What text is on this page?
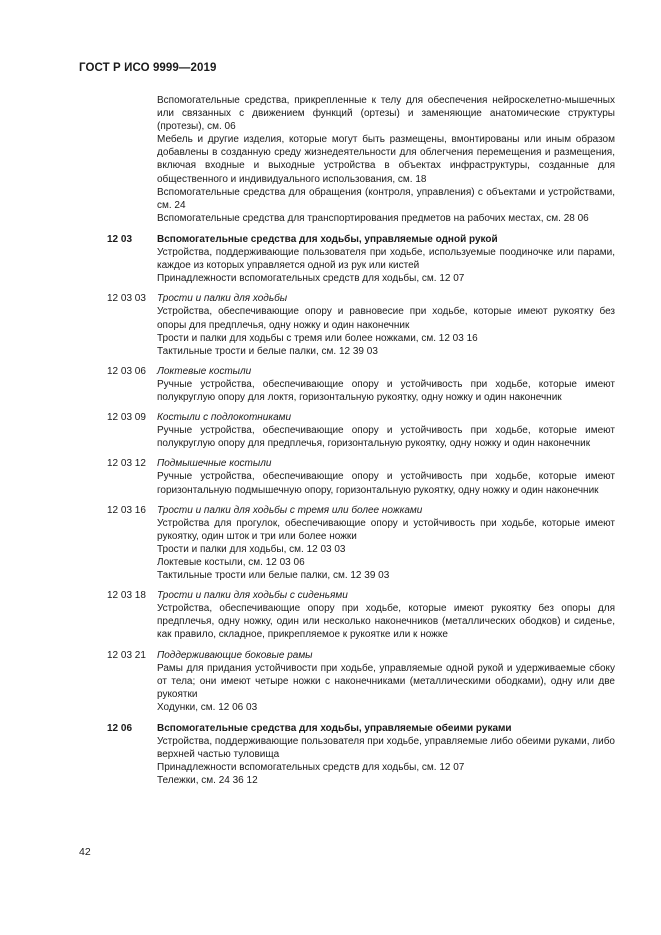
ГОСТ Р ИСО 9999—2019
Вспомогательные средства, прикрепленные к телу для обеспечения нейроскелетно-мышечных или связанных с движением функций (ортезы) и заменяющие анатомические структуры (протезы), см. 06
Мебель и другие изделия, которые могут быть размещены, вмонтированы или иным образом добавлены в созданную среду жизнедеятельности для облегчения перемещения и размещения, включая входные и выходные устройства в объектах инфраструктуры, созданные для общественного и индивидуального использования, см. 18
Вспомогательные средства для обращения (контроля, управления) с объектами и устройствами, см. 24
Вспомогательные средства для транспортирования предметов на рабочих местах, см. 28 06
12 03	Вспомогательные средства для ходьбы, управляемые одной рукой
Устройства, поддерживающие пользователя при ходьбе, используемые поодиночке или парами, каждое из которых управляется одной из рук или кистей
Принадлежности вспомогательных средств для ходьбы, см. 12 07
12 03 03	Трости и палки для ходьбы
Устройства, обеспечивающие опору и равновесие при ходьбе, которые имеют рукоятку без опоры для предплечья, одну ножку и один наконечник
Трости и палки для ходьбы с тремя или более ножками, см. 12 03 16
Тактильные трости и белые палки, см. 12 39 03
12 03 06	Локтевые костыли
Ручные устройства, обеспечивающие опору и устойчивость при ходьбе, которые имеют полукруглую опору для локтя, горизонтальную рукоятку, одну ножку и один наконечник
12 03 09	Костыли с подлокотниками
Ручные устройства, обеспечивающие опору и устойчивость при ходьбе, которые имеют полукруглую опору для предплечья, горизонтальную рукоятку, одну ножку и один наконечник
12 03 12	Подмышечные костыли
Ручные устройства, обеспечивающие опору и устойчивость при ходьбе, которые имеют горизонтальную подмышечную опору, горизонтальную рукоятку, одну ножку и один наконечник
12 03 16	Трости и палки для ходьбы с тремя или более ножками
Устройства для прогулок, обеспечивающие опору и устойчивость при ходьбе, которые имеют рукоятку, один шток и три или более ножки
Трости и палки для ходьбы, см. 12 03 03
Локтевые костыли, см. 12 03 06
Тактильные трости или белые палки, см. 12 39 03
12 03 18	Трости и палки для ходьбы с сиденьями
Устройства, обеспечивающие опору при ходьбе, которые имеют рукоятку без опоры для предплечья, одну ножку, один или несколько наконечников (металлических ободков) и сиденье, как правило, складное, прикрепляемое к рукоятке или к ножке
12 03 21	Поддерживающие боковые рамы
Рамы для придания устойчивости при ходьбе, управляемые одной рукой и удерживаемые сбоку от тела; они имеют четыре ножки с наконечниками (металлическими ободками), одну или две рукоятки
Ходунки, см. 12 06 03
12 06	Вспомогательные средства для ходьбы, управляемые обеими руками
Устройства, поддерживающие пользователя при ходьбе, управляемые либо обеими руками, либо верхней частью туловища
Принадлежности вспомогательных средств для ходьбы, см. 12 07
Тележки, см. 24 36 12
42
